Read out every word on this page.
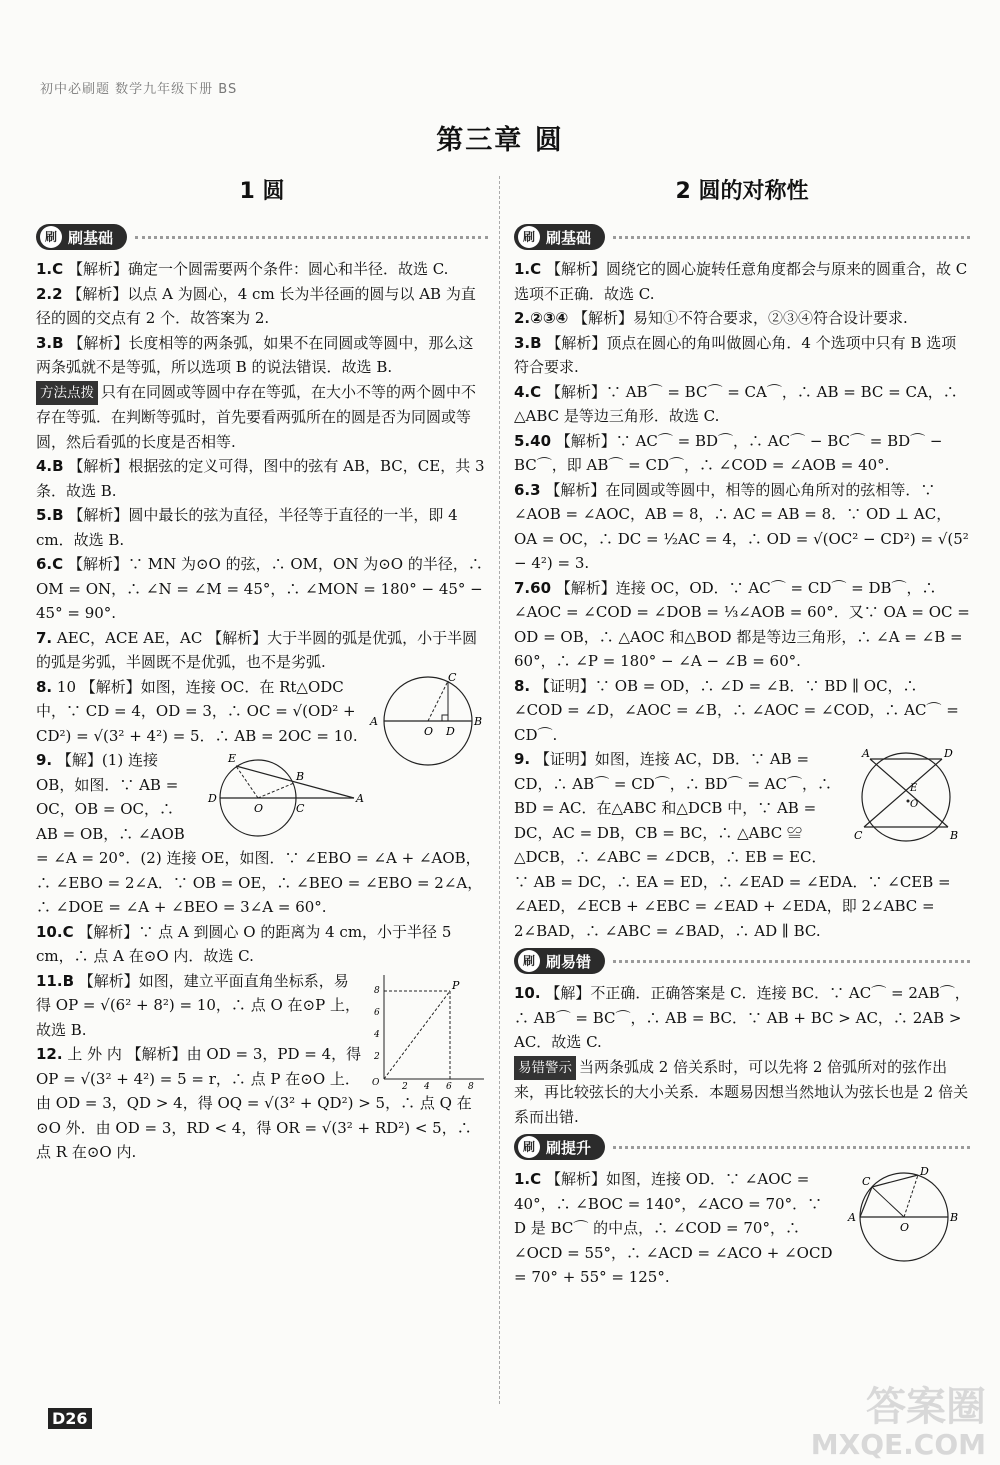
初中必刷题 数学九年级下册 BS
第三章 圆
1 圆
刷 刷基础

1.C 【解析】确定一个圆需要两个条件：圆心和半径．故选 C.

2.2 【解析】以点 A 为圆心，4 cm 长为半径画的圆与以 AB 为直径的圆的交点有 2 个．故答案为 2.

3.B 【解析】长度相等的两条弧，如果不在同圆或等圆中，那么这两条弧就不是等弧，所以选项 B 的说法错误．故选 B.

方法点拨 只有在同圆或等圆中存在等弧，在大小不等的两个圆中不存在等弧．在判断等弧时，首先要看两弧所在的圆是否为同圆或等圆，然后看弧的长度是否相等.

4.B 【解析】根据弦的定义可得，图中的弦有 AB，BC，CE，共 3 条．故选 B.

5.B 【解析】圆中最长的弦为直径，半径等于直径的一半，即 4 cm．故选 B.

6.C 【解析】∵ MN 为⊙O 的弦，∴ OM，ON 为⊙O 的半径，∴ OM = ON，∴ ∠N = ∠M = 45°，∴ ∠MON = 180° − 45° − 45° = 90°.

7. AEC，ACE AE，AC 【解析】大于半圆的弧是优弧，小于半圆的弧是劣弧，半圆既不是优弧，也不是劣弧.

A	B
O D
C
8. 10 【解析】如图，连接 OC．在 Rt△ODC 中，∵ CD = 4，OD = 3，∴ OC = √(OD² + CD²) = √(3² + 4²) = 5．∴ AB = 2OC = 10.

D	A
O	C
E
B
9. 【解】(1) 连接 OB，如图．∵ AB = OC，OB = OC，∴ AB = OB，∴ ∠AOB = ∠A = 20°．(2) 连接 OE，如图．∵ ∠EBO = ∠A + ∠AOB，∴ ∠EBO = 2∠A．∵ OB = OE，∴ ∠BEO = ∠EBO = 2∠A，∴ ∠DOE = ∠A + ∠BEO = 3∠A = 60°.

10.C 【解析】∵ 点 A 到圆心 O 的距离为 4 cm，小于半径 5 cm，∴ 点 A 在⊙O 内．故选 C.

P
O	2 4 6 8
2
4
6
8
11.B 【解析】如图，建立平面直角坐标系，易得 OP = √(6² + 8²) = 10，∴ 点 O 在⊙P 上，故选 B.

12. 上 外 内 【解析】由 OD = 3，PD = 4，得 OP = √(3² + 4²) = 5 = r，∴ 点 P 在⊙O 上．由 OD = 3，QD > 4，得 OQ = √(3² + QD²) > 5，∴ 点 Q 在⊙O 外．由 OD = 3，RD < 4，得 OR = √(3² + RD²) < 5，∴ 点 R 在⊙O 内.

2 圆的对称性
刷 刷基础

1.C 【解析】圆绕它的圆心旋转任意角度都会与原来的圆重合，故 C 选项不正确．故选 C.

2.②③④ 【解析】易知①不符合要求，②③④符合设计要求.

3.B 【解析】顶点在圆心的角叫做圆心角．4 个选项中只有 B 选项符合要求.

4.C 【解析】∵ AB⌒ = BC⌒ = CA⌒，∴ AB = BC = CA，∴ △ABC 是等边三角形．故选 C.

5.40 【解析】∵ AC⌒ = BD⌒，∴ AC⌒ − BC⌒ = BD⌒ − BC⌒，即 AB⌒ = CD⌒，∴ ∠COD = ∠AOB = 40°.

6.3 【解析】在同圆或等圆中，相等的圆心角所对的弦相等．∵ ∠AOB = ∠AOC，AB = 8，∴ AC = AB = 8．∵ OD ⊥ AC，OA = OC，∴ DC = ½AC = 4，∴ OD = √(OC² − CD²) = √(5² − 4²) = 3.

7.60 【解析】连接 OC，OD．∵ AC⌒ = CD⌒ = DB⌒，∴ ∠AOC = ∠COD = ∠DOB = ⅓∠AOB = 60°．又∵ OA = OC = OD = OB，∴ △AOC 和△BOD 都是等边三角形，∴ ∠A = ∠B = 60°，∴ ∠P = 180° − ∠A − ∠B = 60°.

8. 【证明】∵ OB = OD，∴ ∠D = ∠B．∵ BD ∥ OC，∴ ∠COD = ∠D，∠AOC = ∠B，∴ ∠AOC = ∠COD，∴ AC⌒ = CD⌒.

A	D
C	B
E
O
9. 【证明】如图，连接 AC，DB．∵ AB = CD，∴ AB⌒ = CD⌒，∴ BD⌒ = AC⌒，∴ BD = AC．在△ABC 和△DCB 中，∵ AB = DC，AC = DB，CB = BC，∴ △ABC ≌ △DCB，∴ ∠ABC = ∠DCB，∴ EB = EC．∵ AB = DC，∴ EA = ED，∴ ∠EAD = ∠EDA．∵ ∠CEB = ∠AED，∠ECB + ∠EBC = ∠EAD + ∠EDA，即 2∠ABC = 2∠BAD，∴ ∠ABC = ∠BAD，∴ AD ∥ BC.

刷 刷易错

10. 【解】不正确．正确答案是 C．连接 BC．∵ AC⌒ = 2AB⌒，∴ AB⌒ = BC⌒，∴ AB = BC．∵ AB + BC > AC，∴ 2AB > AC．故选 C.

易错警示 当两条弧成 2 倍关系时，可以先将 2 倍弧所对的弦作出来，再比较弦长的大小关系．本题易因想当然地认为弦长也是 2 倍关系而出错.

刷 刷提升

A	B
C
D
O
1.C 【解析】如图，连接 OD．∵ ∠AOC = 40°，∴ ∠BOC = 140°，∠ACO = 70°．∵ D 是 BC⌒ 的中点，∴ ∠COD = 70°，∴ ∠OCD = 55°，∴ ∠ACD = ∠ACO + ∠OCD = 70° + 55° = 125°.

D26	答案圈
MXQE.COM
